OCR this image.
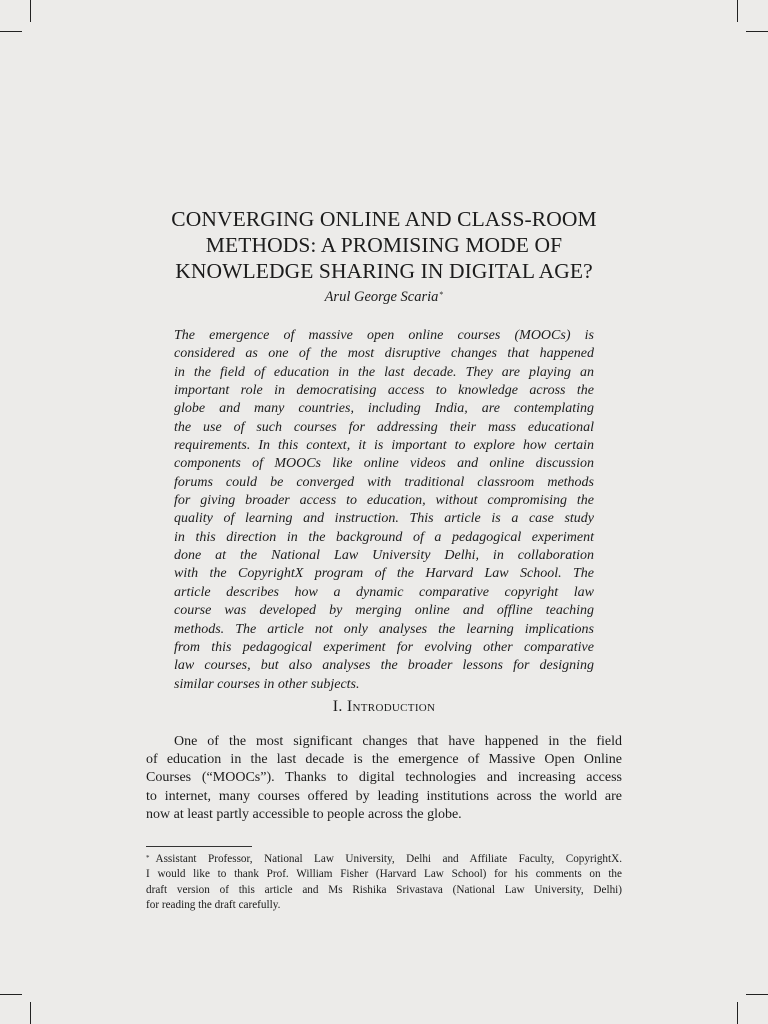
CONVERGING ONLINE AND CLASS-ROOM
METHODS: A PROMISING MODE OF
KNOWLEDGE SHARING IN DIGITAL AGE?
Arul George Scaria*

The emergence of massive open online courses (MOOCs) is
considered as one of the most disruptive changes that happened
in the field of education in the last decade. They are playing an
important role in democratising access to knowledge across the
globe and many countries, including India, are contemplating
the use of such courses for addressing their mass educational
requirements. In this context, it is important to explore how certain
components of MOOCs like online videos and online discussion
forums could be converged with traditional classroom methods
for giving broader access to education, without compromising the
quality of learning and instruction. This article is a case study
in this direction in the background of a pedagogical experiment
done at the National Law University Delhi, in collaboration
with the CopyrightX program of the Harvard Law School. The
article describes how a dynamic comparative copyright law
course was developed by merging online and offline teaching
methods. The article not only analyses the learning implications
from this pedagogical experiment for evolving other comparative
law courses, but also analyses the broader lessons for designing
similar courses in other subjects.

I. Introduction

One of the most significant changes that have happened in the field
of education in the last decade is the emergence of Massive Open Online
Courses (“MOOCs”). Thanks to digital technologies and increasing access
to internet, many courses offered by leading institutions across the world are
now at least partly accessible to people across the globe.

* Assistant Professor, National Law University, Delhi and Affiliate Faculty, CopyrightX.
I would like to thank Prof. William Fisher (Harvard Law School) for his comments on the
draft version of this article and Ms Rishika Srivastava (National Law University, Delhi)
for reading the draft carefully.
